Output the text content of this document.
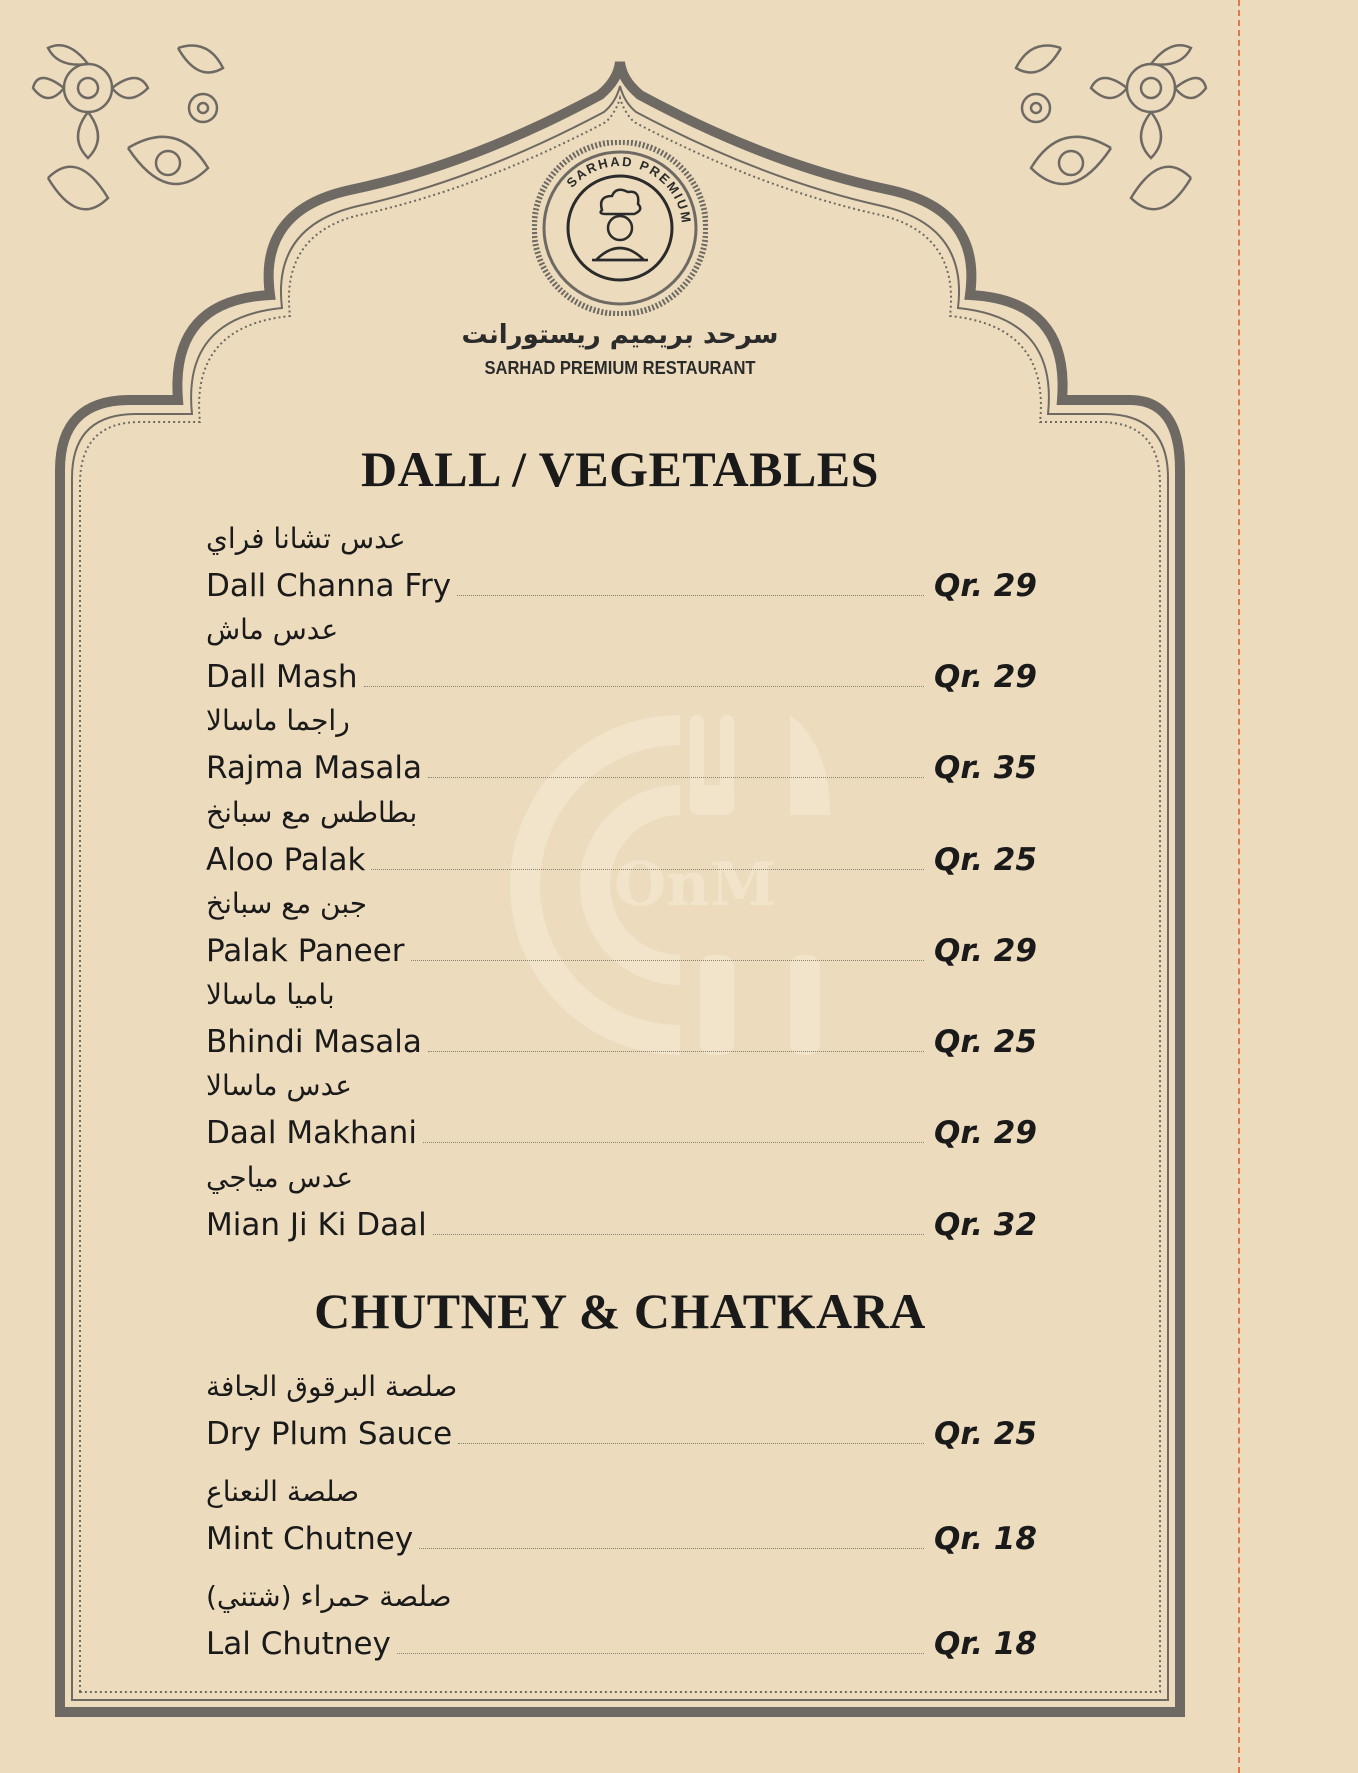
SARHAD PREMIUM
سرحد بريميم ريستورانت
SARHAD PREMIUM RESTAURANT
OnM
DALL / VEGETABLES
عدس تشانا فراي
Dall Channa Fry	Qr. 29
عدس ماش
Dall Mash	Qr. 29
راجما ماسالا
Rajma Masala	Qr. 35
بطاطس مع سبانخ
Aloo Palak	Qr. 25
جبن مع سبانخ
Palak Paneer	Qr. 29
باميا ماسالا
Bhindi Masala	Qr. 25
عدس ماسالا
Daal Makhani	Qr. 29
عدس مياجي
Mian Ji Ki Daal	Qr. 32
CHUTNEY & CHATKARA
صلصة البرقوق الجافة
Dry Plum Sauce	Qr. 25
صلصة النعناع
Mint Chutney	Qr. 18
صلصة حمراء (شتني)
Lal Chutney	Qr. 18
